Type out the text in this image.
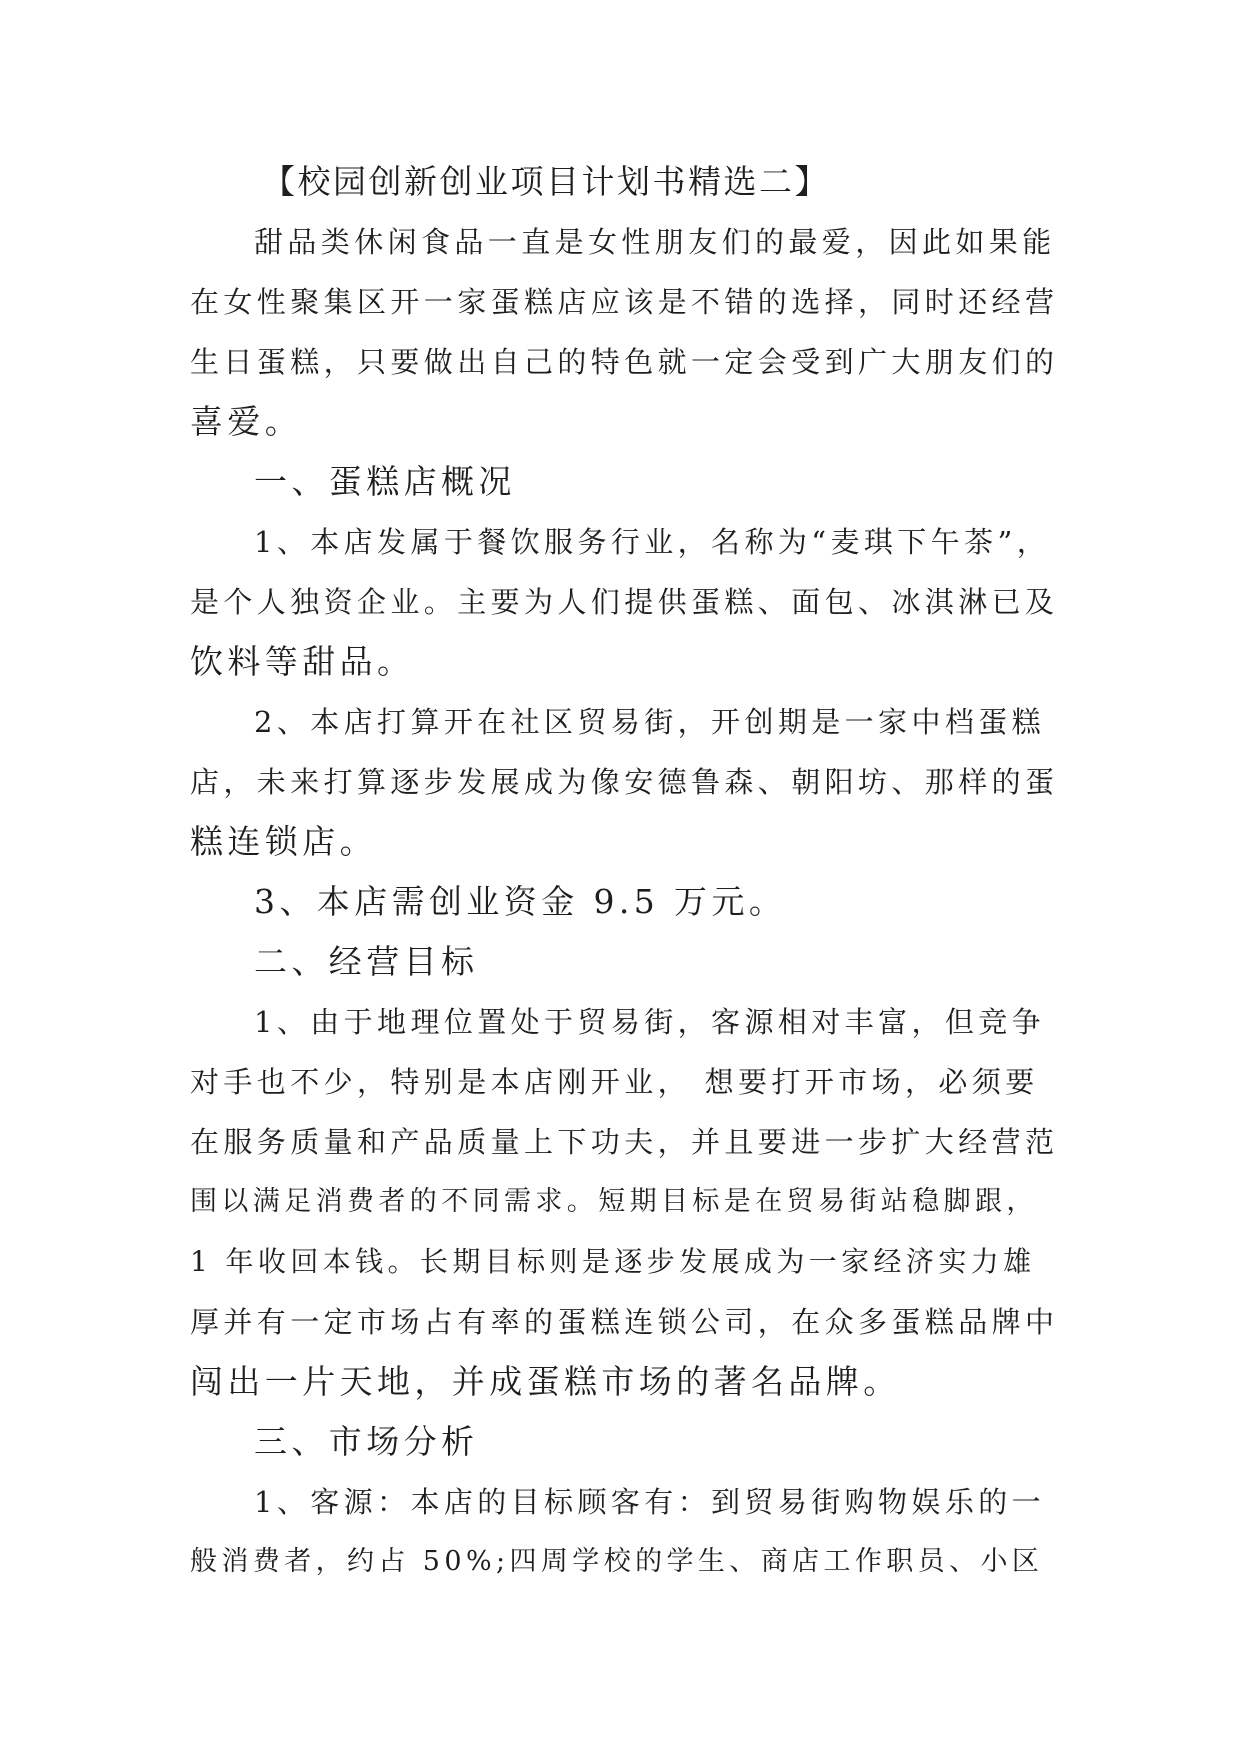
【校园创新创业项目计划书精选二】
甜品类休闲食品一直是女性朋友们的最爱，因此如果能
在女性聚集区开一家蛋糕店应该是不错的选择，同时还经营
生日蛋糕，只要做出自己的特色就一定会受到广大朋友们的
喜爱。
一、蛋糕店概况
1、本店发属于餐饮服务行业，名称为“麦琪下午茶”，
是个人独资企业。主要为人们提供蛋糕、面包、冰淇淋已及
饮料等甜品。
2、本店打算开在社区贸易街，开创期是一家中档蛋糕
店，未来打算逐步发展成为像安德鲁森、朝阳坊、那样的蛋
糕连锁店。
3、本店需创业资金 9.5 万元。
二、经营目标
1、由于地理位置处于贸易街，客源相对丰富，但竞争
对手也不少，特别是本店刚开业， 想要打开市场，必须要
在服务质量和产品质量上下功夫，并且要进一步扩大经营范
围以满足消费者的不同需求。短期目标是在贸易街站稳脚跟，
1 年收回本钱。长期目标则是逐步发展成为一家经济实力雄
厚并有一定市场占有率的蛋糕连锁公司，在众多蛋糕品牌中
闯出一片天地，并成蛋糕市场的著名品牌。
三、市场分析
1、客源：本店的目标顾客有：到贸易街购物娱乐的一
般消费者，约占 50%;四周学校的学生、商店工作职员、小区
